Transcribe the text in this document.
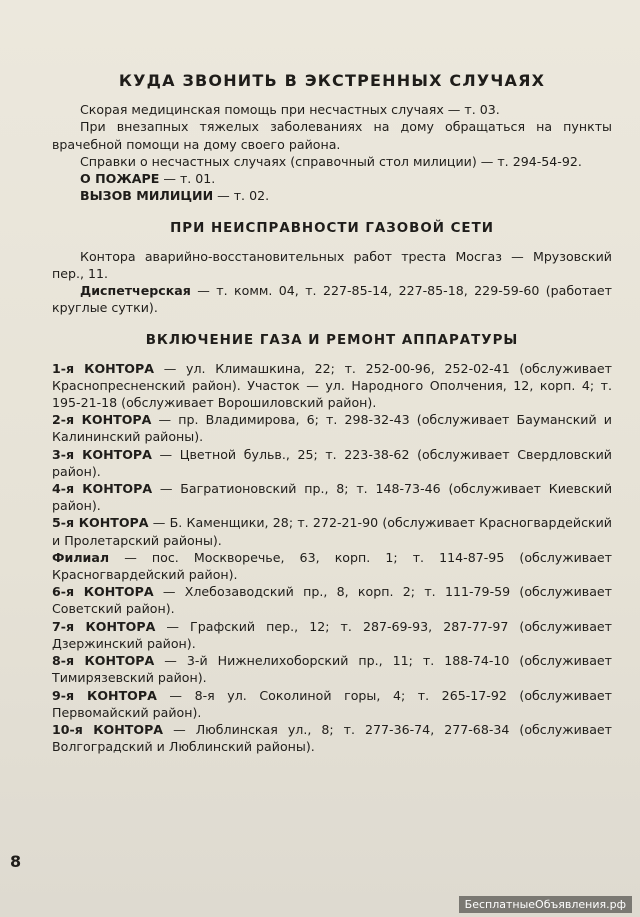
КУДА ЗВОНИТЬ В ЭКСТРЕННЫХ СЛУЧАЯХ

Скорая медицинская помощь при несчастных случаях — т. 03.

При внезапных тяжелых заболеваниях на дому обращаться на пункты врачебной помощи на дому своего района.

Справки о несчастных случаях (справочный стол милиции) — т. 294-54-92.

О ПОЖАРЕ — т. 01.

ВЫЗОВ МИЛИЦИИ — т. 02.

ПРИ НЕИСПРАВНОСТИ ГАЗОВОЙ СЕТИ

Контора аварийно-восстановительных работ треста Мосгаз — Мрузовский пер., 11.

Диспетчерская — т. комм. 04, т. 227-85-14, 227-85-18, 229-59-60 (работает круглые сутки).

ВКЛЮЧЕНИЕ ГАЗА И РЕМОНТ АППАРАТУРЫ

1-я КОНТОРА — ул. Климашкина, 22; т. 252-00-96, 252-02-41 (обслуживает Краснопресненский район). Участок — ул. Народного Ополчения, 12, корп. 4; т. 195-21-18 (обслуживает Ворошиловский район).

2-я КОНТОРА — пр. Владимирова, 6; т. 298-32-43 (обслуживает Бауманский и Калининский районы).

3-я КОНТОРА — Цветной бульв., 25; т. 223-38-62 (обслуживает Свердловский район).

4-я КОНТОРА — Багратионовский пр., 8; т. 148-73-46 (обслуживает Киевский район).

5-я КОНТОРА — Б. Каменщики, 28; т. 272-21-90 (обслуживает Красногвардейский и Пролетарский районы).

Филиал — пос. Москворечье, 63, корп. 1; т. 114-87-95 (обслуживает Красногвардейский район).

6-я КОНТОРА — Хлебозаводский пр., 8, корп. 2; т. 111-79-59 (обслуживает Советский район).

7-я КОНТОРА — Графский пер., 12; т. 287-69-93, 287-77-97 (обслуживает Дзержинский район).

8-я КОНТОРА — 3-й Нижнелихоборский пр., 11; т. 188-74-10 (обслуживает Тимирязевский район).

9-я КОНТОРА — 8-я ул. Соколиной горы, 4; т. 265-17-92 (обслуживает Первомайский район).

10-я КОНТОРА — Люблинская ул., 8; т. 277-36-74, 277-68-34 (обслуживает Волгоградский и Люблинский районы).

8
БесплатныеОбъявления.рф
